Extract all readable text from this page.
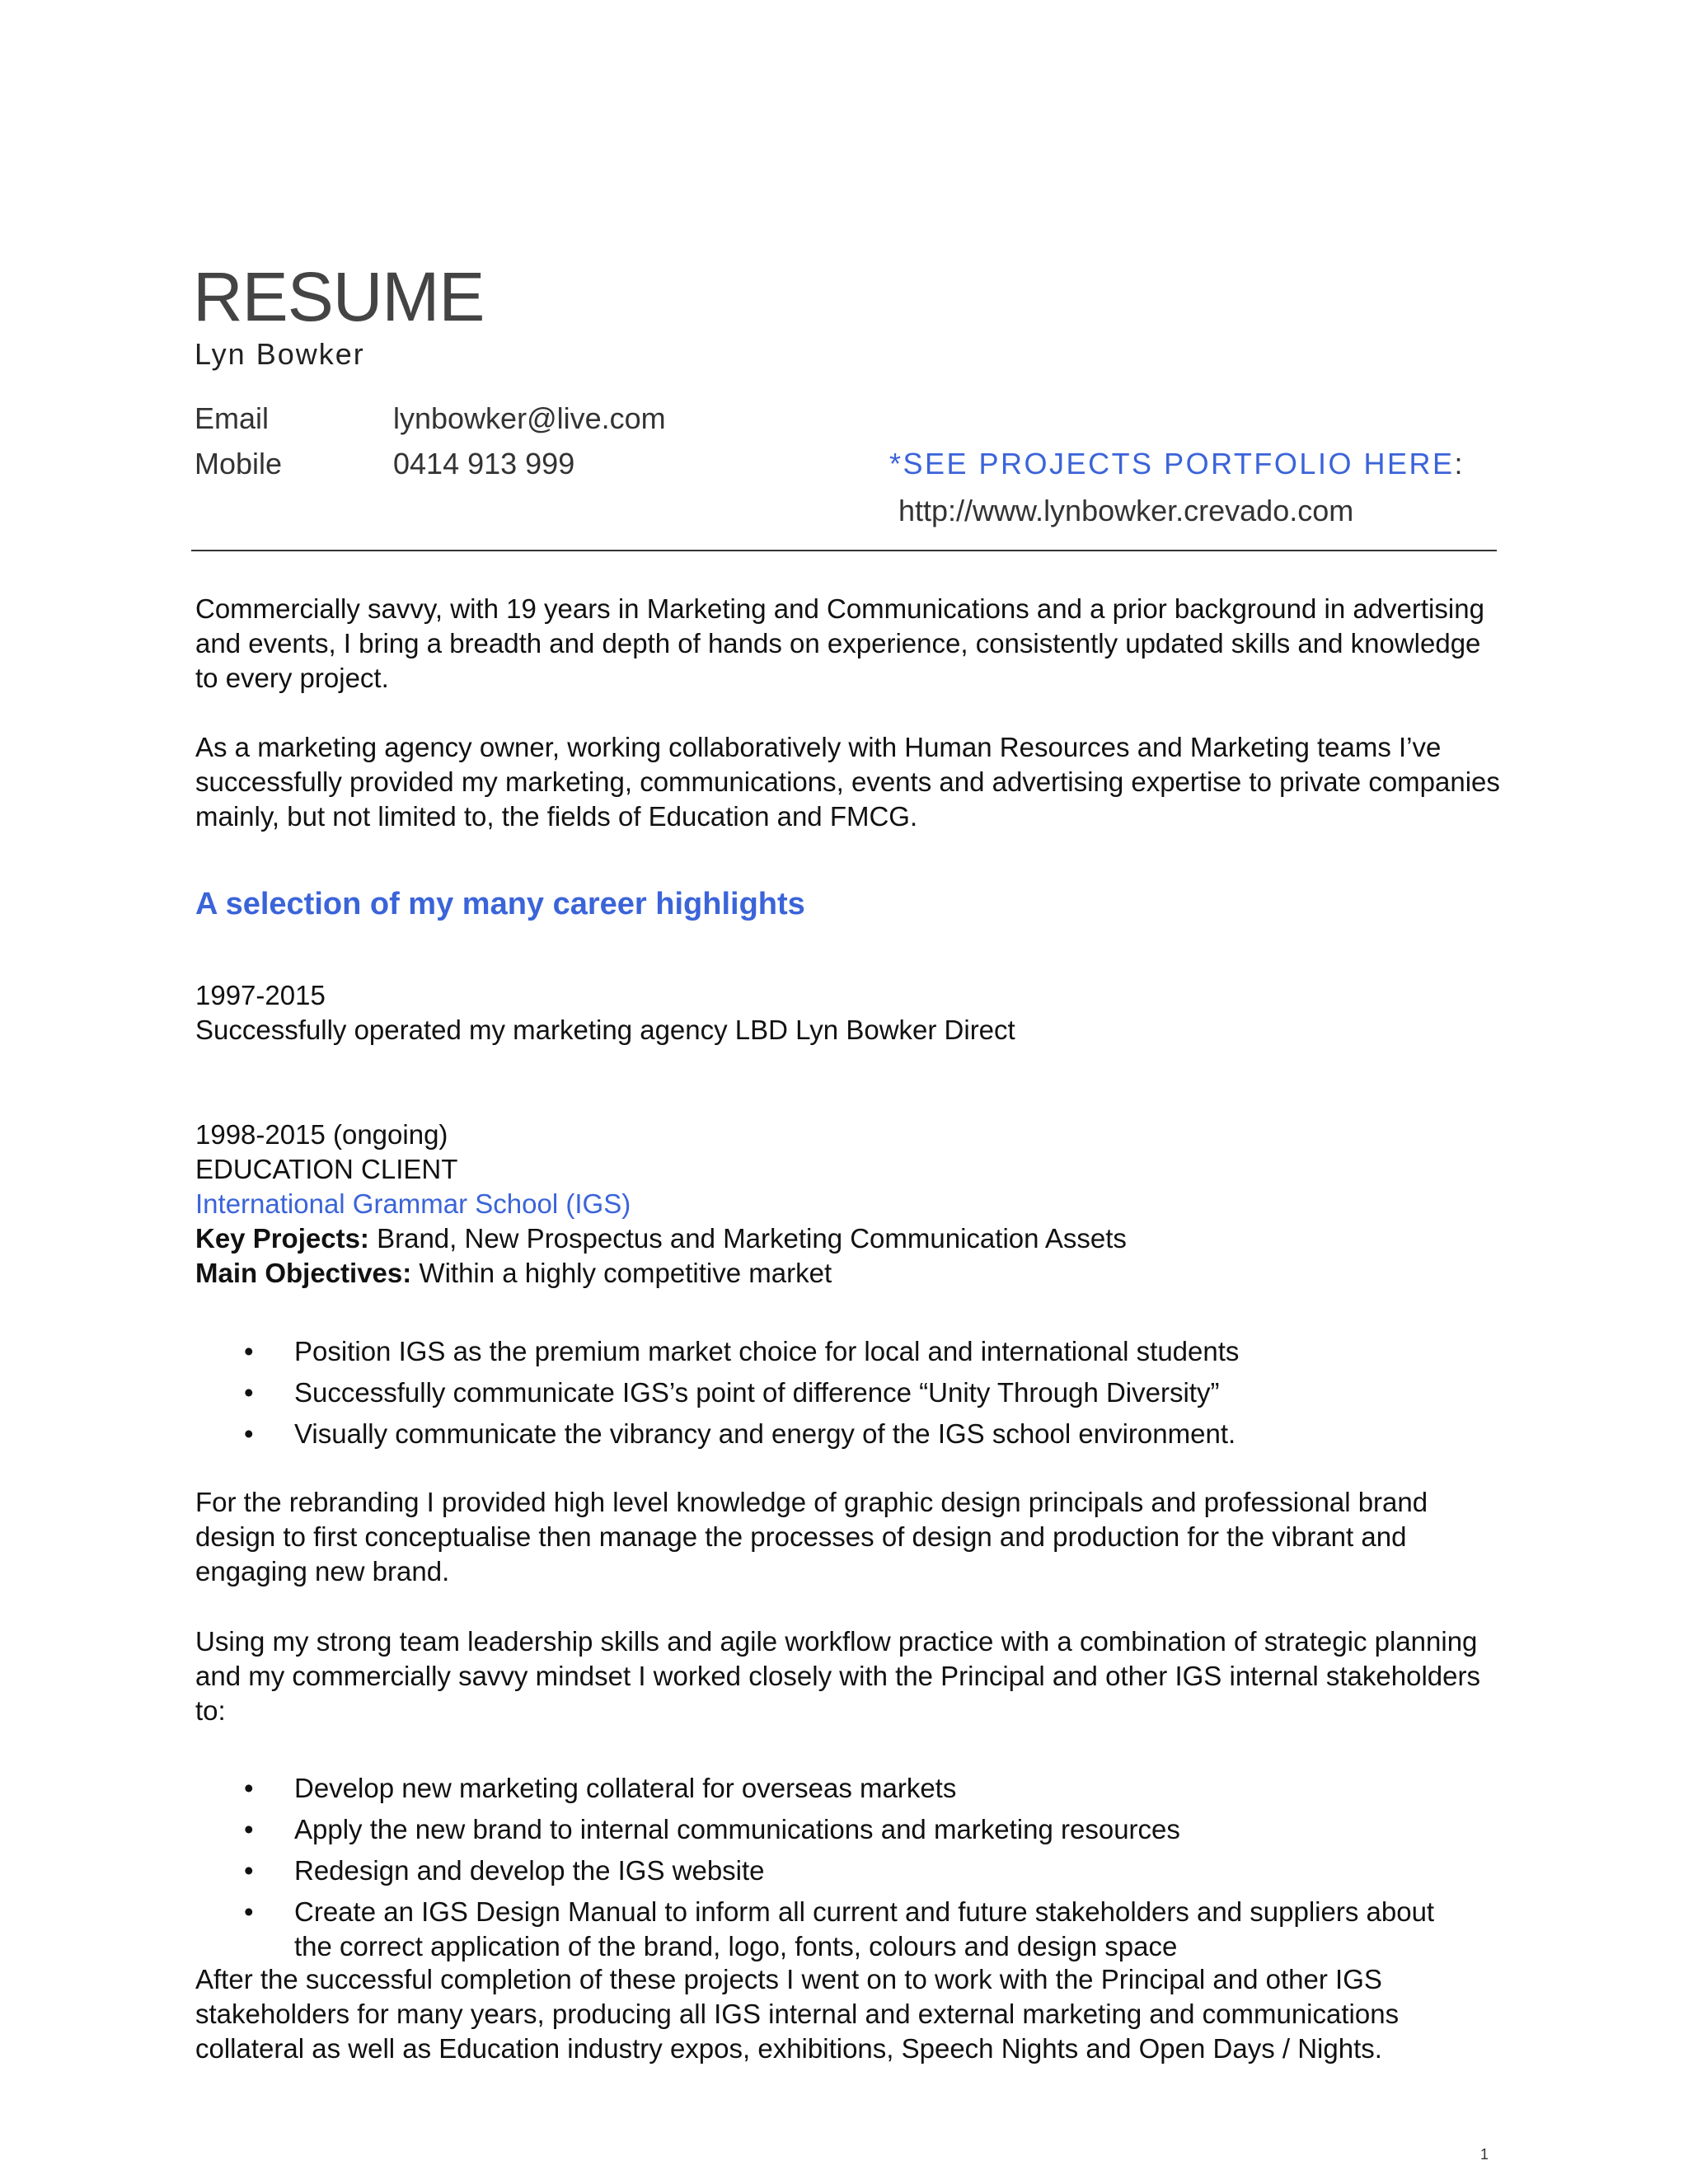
RESUME
Lyn Bowker
Email	lynbowker@live.com
Mobile	0414 913 999	*SEE PROJECTS PORTFOLIO HERE:
http://www.lynbowker.crevado.com

Commercially savvy, with 19 years in Marketing and Communications and a prior background in advertising and events, I bring a breadth and depth of hands on experience, consistently updated skills and knowledge to every project.

As a marketing agency owner, working collaboratively with Human Resources and Marketing teams I’ve successfully provided my marketing, communications, events and advertising expertise to private companies mainly, but not limited to, the fields of Education and FMCG.

A selection of my many career highlights
1997-2015
Successfully operated my marketing agency LBD Lyn Bowker Direct
1998-2015 (ongoing)
EDUCATION CLIENT
International Grammar School (IGS)
Key Projects: Brand, New Prospectus and Marketing Communication Assets
Main Objectives: Within a highly competitive market
• Position IGS as the premium market choice for local and international students
• Successfully communicate IGS’s point of difference “Unity Through Diversity”
• Visually communicate the vibrancy and energy of the IGS school environment.

For the rebranding I provided high level knowledge of graphic design principals and professional brand design to first conceptualise then manage the processes of design and production for the vibrant and engaging new brand.

Using my strong team leadership skills and agile workflow practice with a combination of strategic planning and my commercially savvy mindset I worked closely with the Principal and other IGS internal stakeholders to:

• Develop new marketing collateral for overseas markets
• Apply the new brand to internal communications and marketing resources
• Redesign and develop the IGS website
• Create an IGS Design Manual to inform all current and future stakeholders and suppliers about the correct application of the brand, logo, fonts, colours and design space

After the successful completion of these projects I went on to work with the Principal and other IGS stakeholders for many years, producing all IGS internal and external marketing and communications collateral as well as Education industry expos, exhibitions, Speech Nights and Open Days / Nights.

1
